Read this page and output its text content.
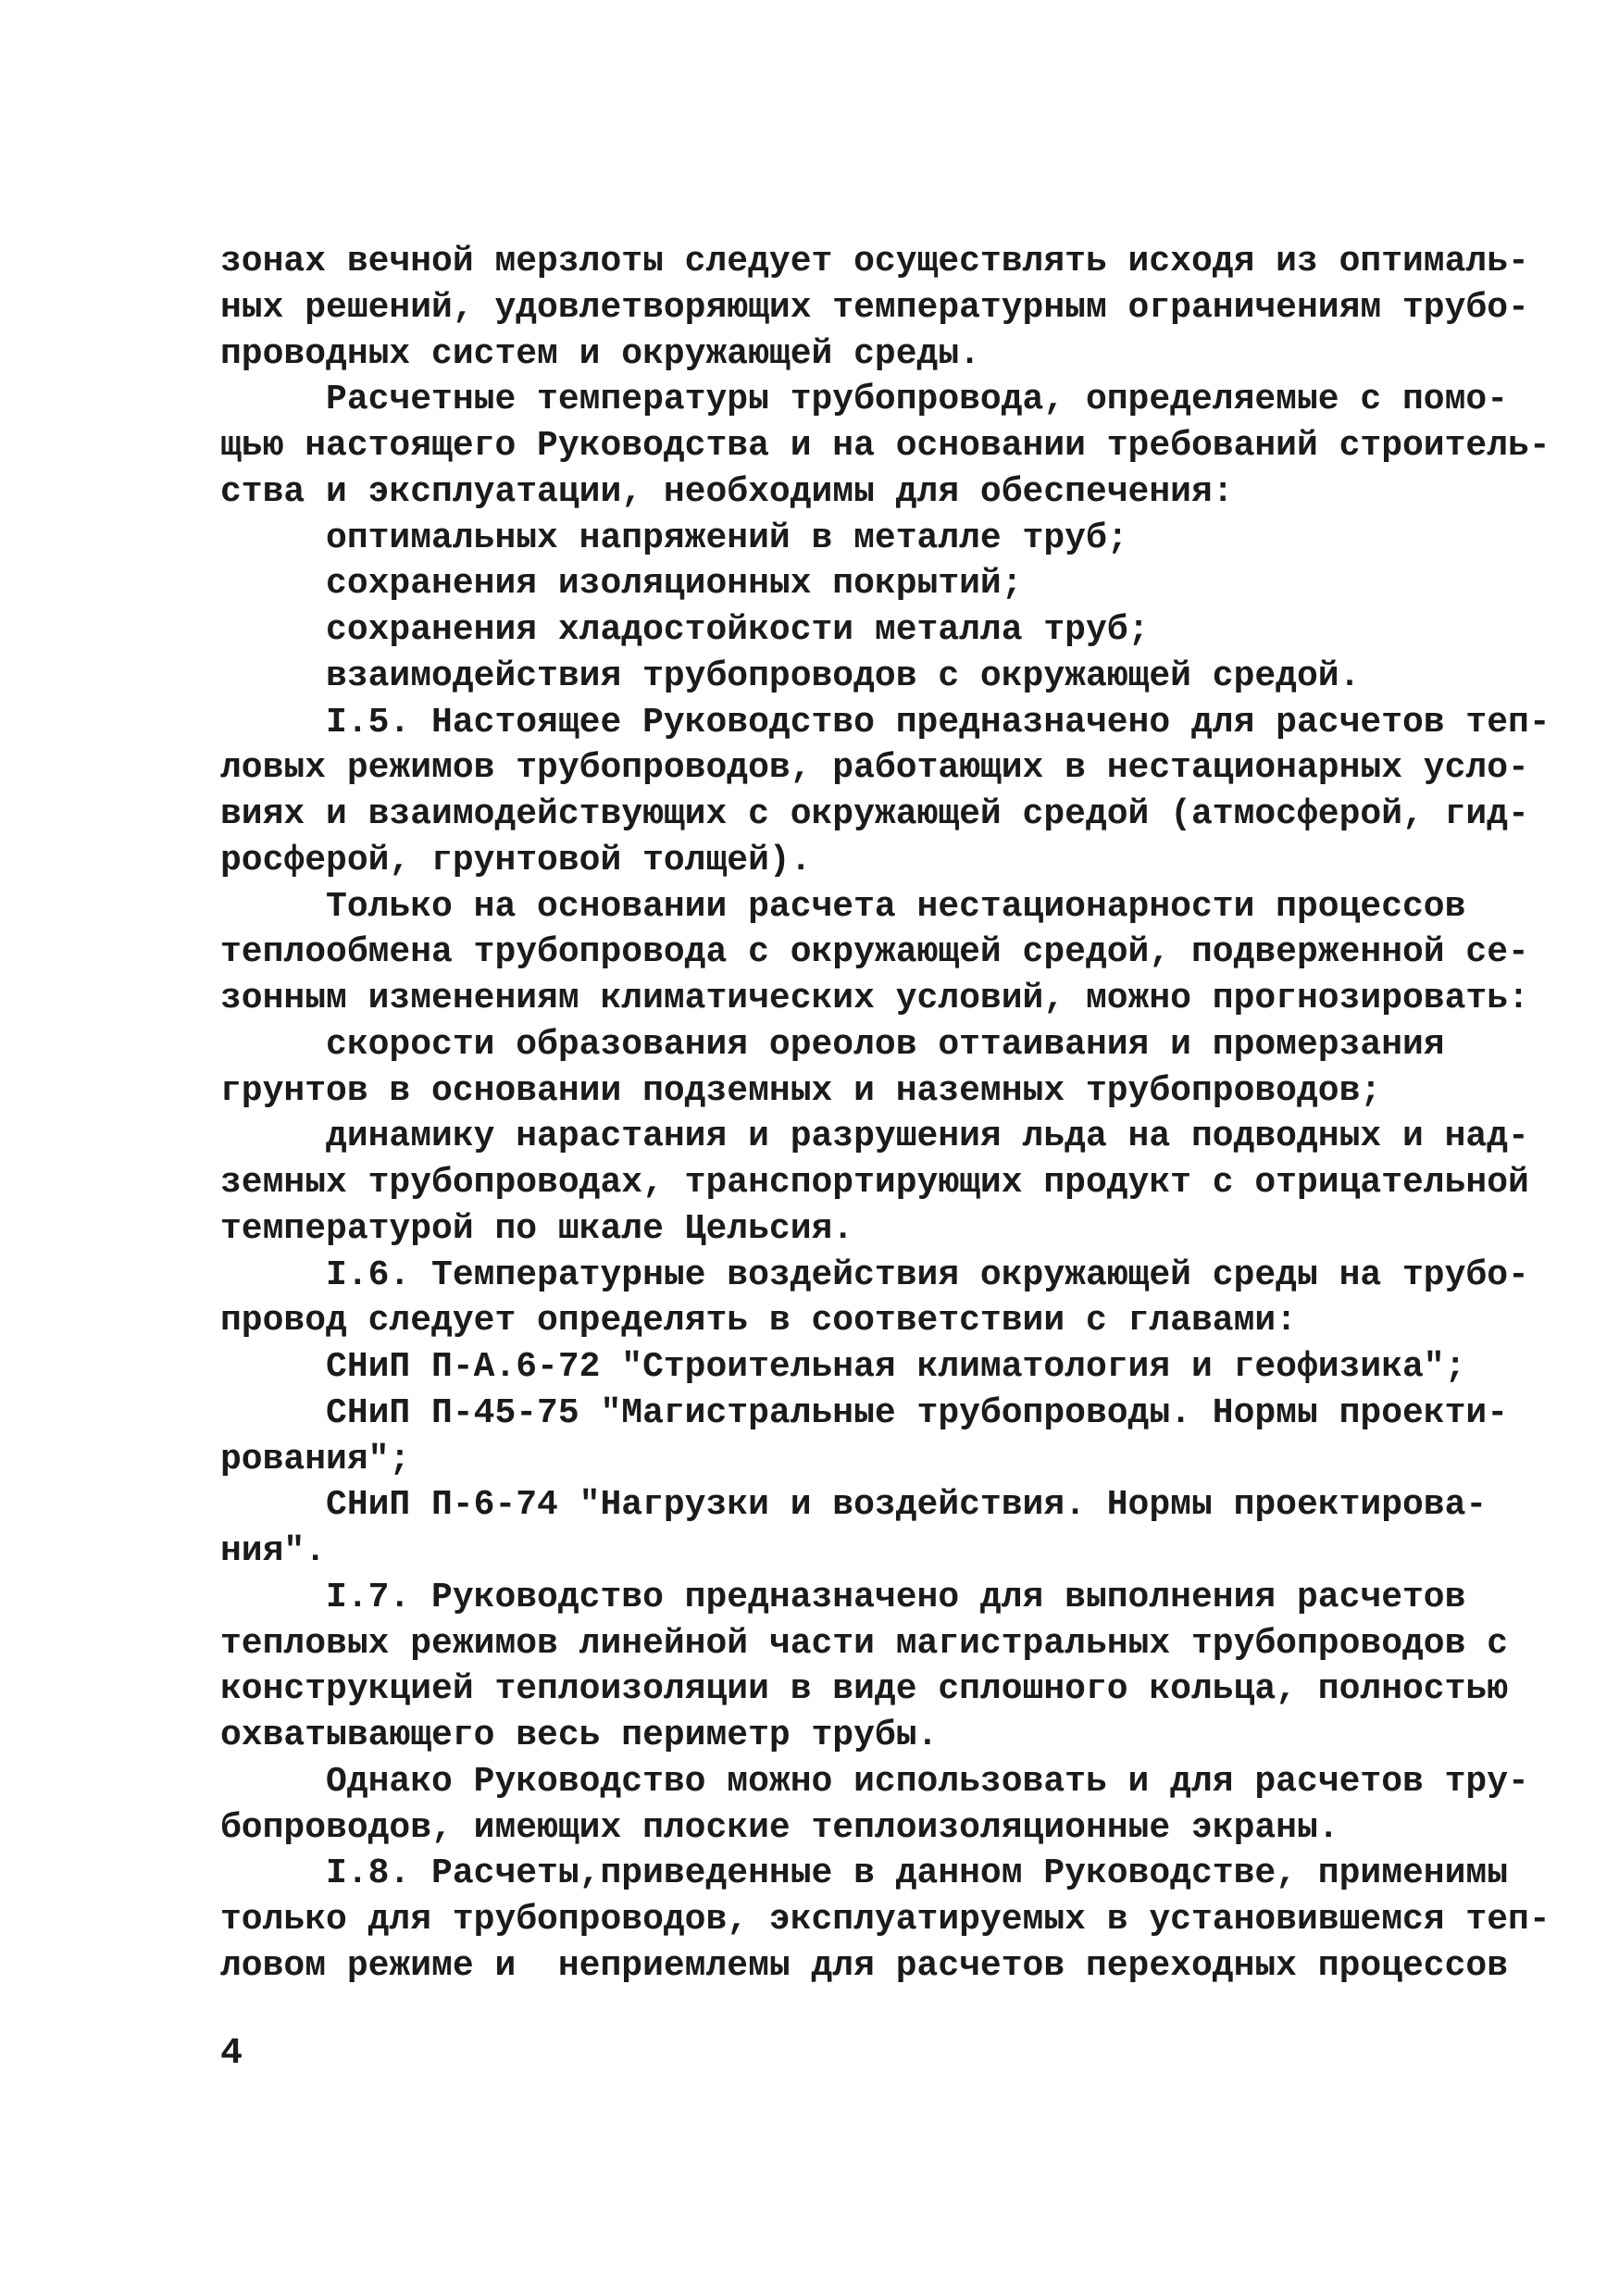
зонах вечной мерзлоты следует осуществлять исходя из оптималь-
ных решений, удовлетворяющих температурным ограничениям трубо-
проводных систем и окружающей среды.
Расчетные температуры трубопровода, определяемые с помо-
щью настоящего Руководства и на основании требований строитель-
ства и эксплуатации, необходимы для обеспечения:
оптимальных напряжений в металле труб;
сохранения изоляционных покрытий;
сохранения хладостойкости металла труб;
взаимодействия трубопроводов с окружающей средой.
I.5. Настоящее Руководство предназначено для расчетов теп-
ловых режимов трубопроводов, работающих в нестационарных усло-
виях и взаимодействующих с окружающей средой (атмосферой, гид-
росферой, грунтовой толщей).
Только на основании расчета нестационарности процессов
теплообмена трубопровода с окружающей средой, подверженной се-
зонным изменениям климатических условий, можно прогнозировать:
скорости образования ореолов оттаивания и промерзания
грунтов в основании подземных и наземных трубопроводов;
динамику нарастания и разрушения льда на подводных и над-
земных трубопроводах, транспортирующих продукт с отрицательной
температурой по шкале Цельсия.
I.6. Температурные воздействия окружающей среды на трубо-
провод следует определять в соответствии с главами:
СНиП П-А.6-72 "Строительная климатология и геофизика";
СНиП П-45-75 "Магистральные трубопроводы. Нормы проекти-
рования";
СНиП П-6-74 "Нагрузки и воздействия. Нормы проектирова-
ния".
I.7. Руководство предназначено для выполнения расчетов
тепловых режимов линейной части магистральных трубопроводов с
конструкцией теплоизоляции в виде сплошного кольца, полностью
охватывающего весь периметр трубы.
Однако Руководство можно использовать и для расчетов тру-
бопроводов, имеющих плоские теплоизоляционные экраны.
I.8. Расчеты,приведенные в данном Руководстве, применимы
только для трубопроводов, эксплуатируемых в установившемся теп-
ловом режиме и  неприемлемы для расчетов переходных процессов
4
